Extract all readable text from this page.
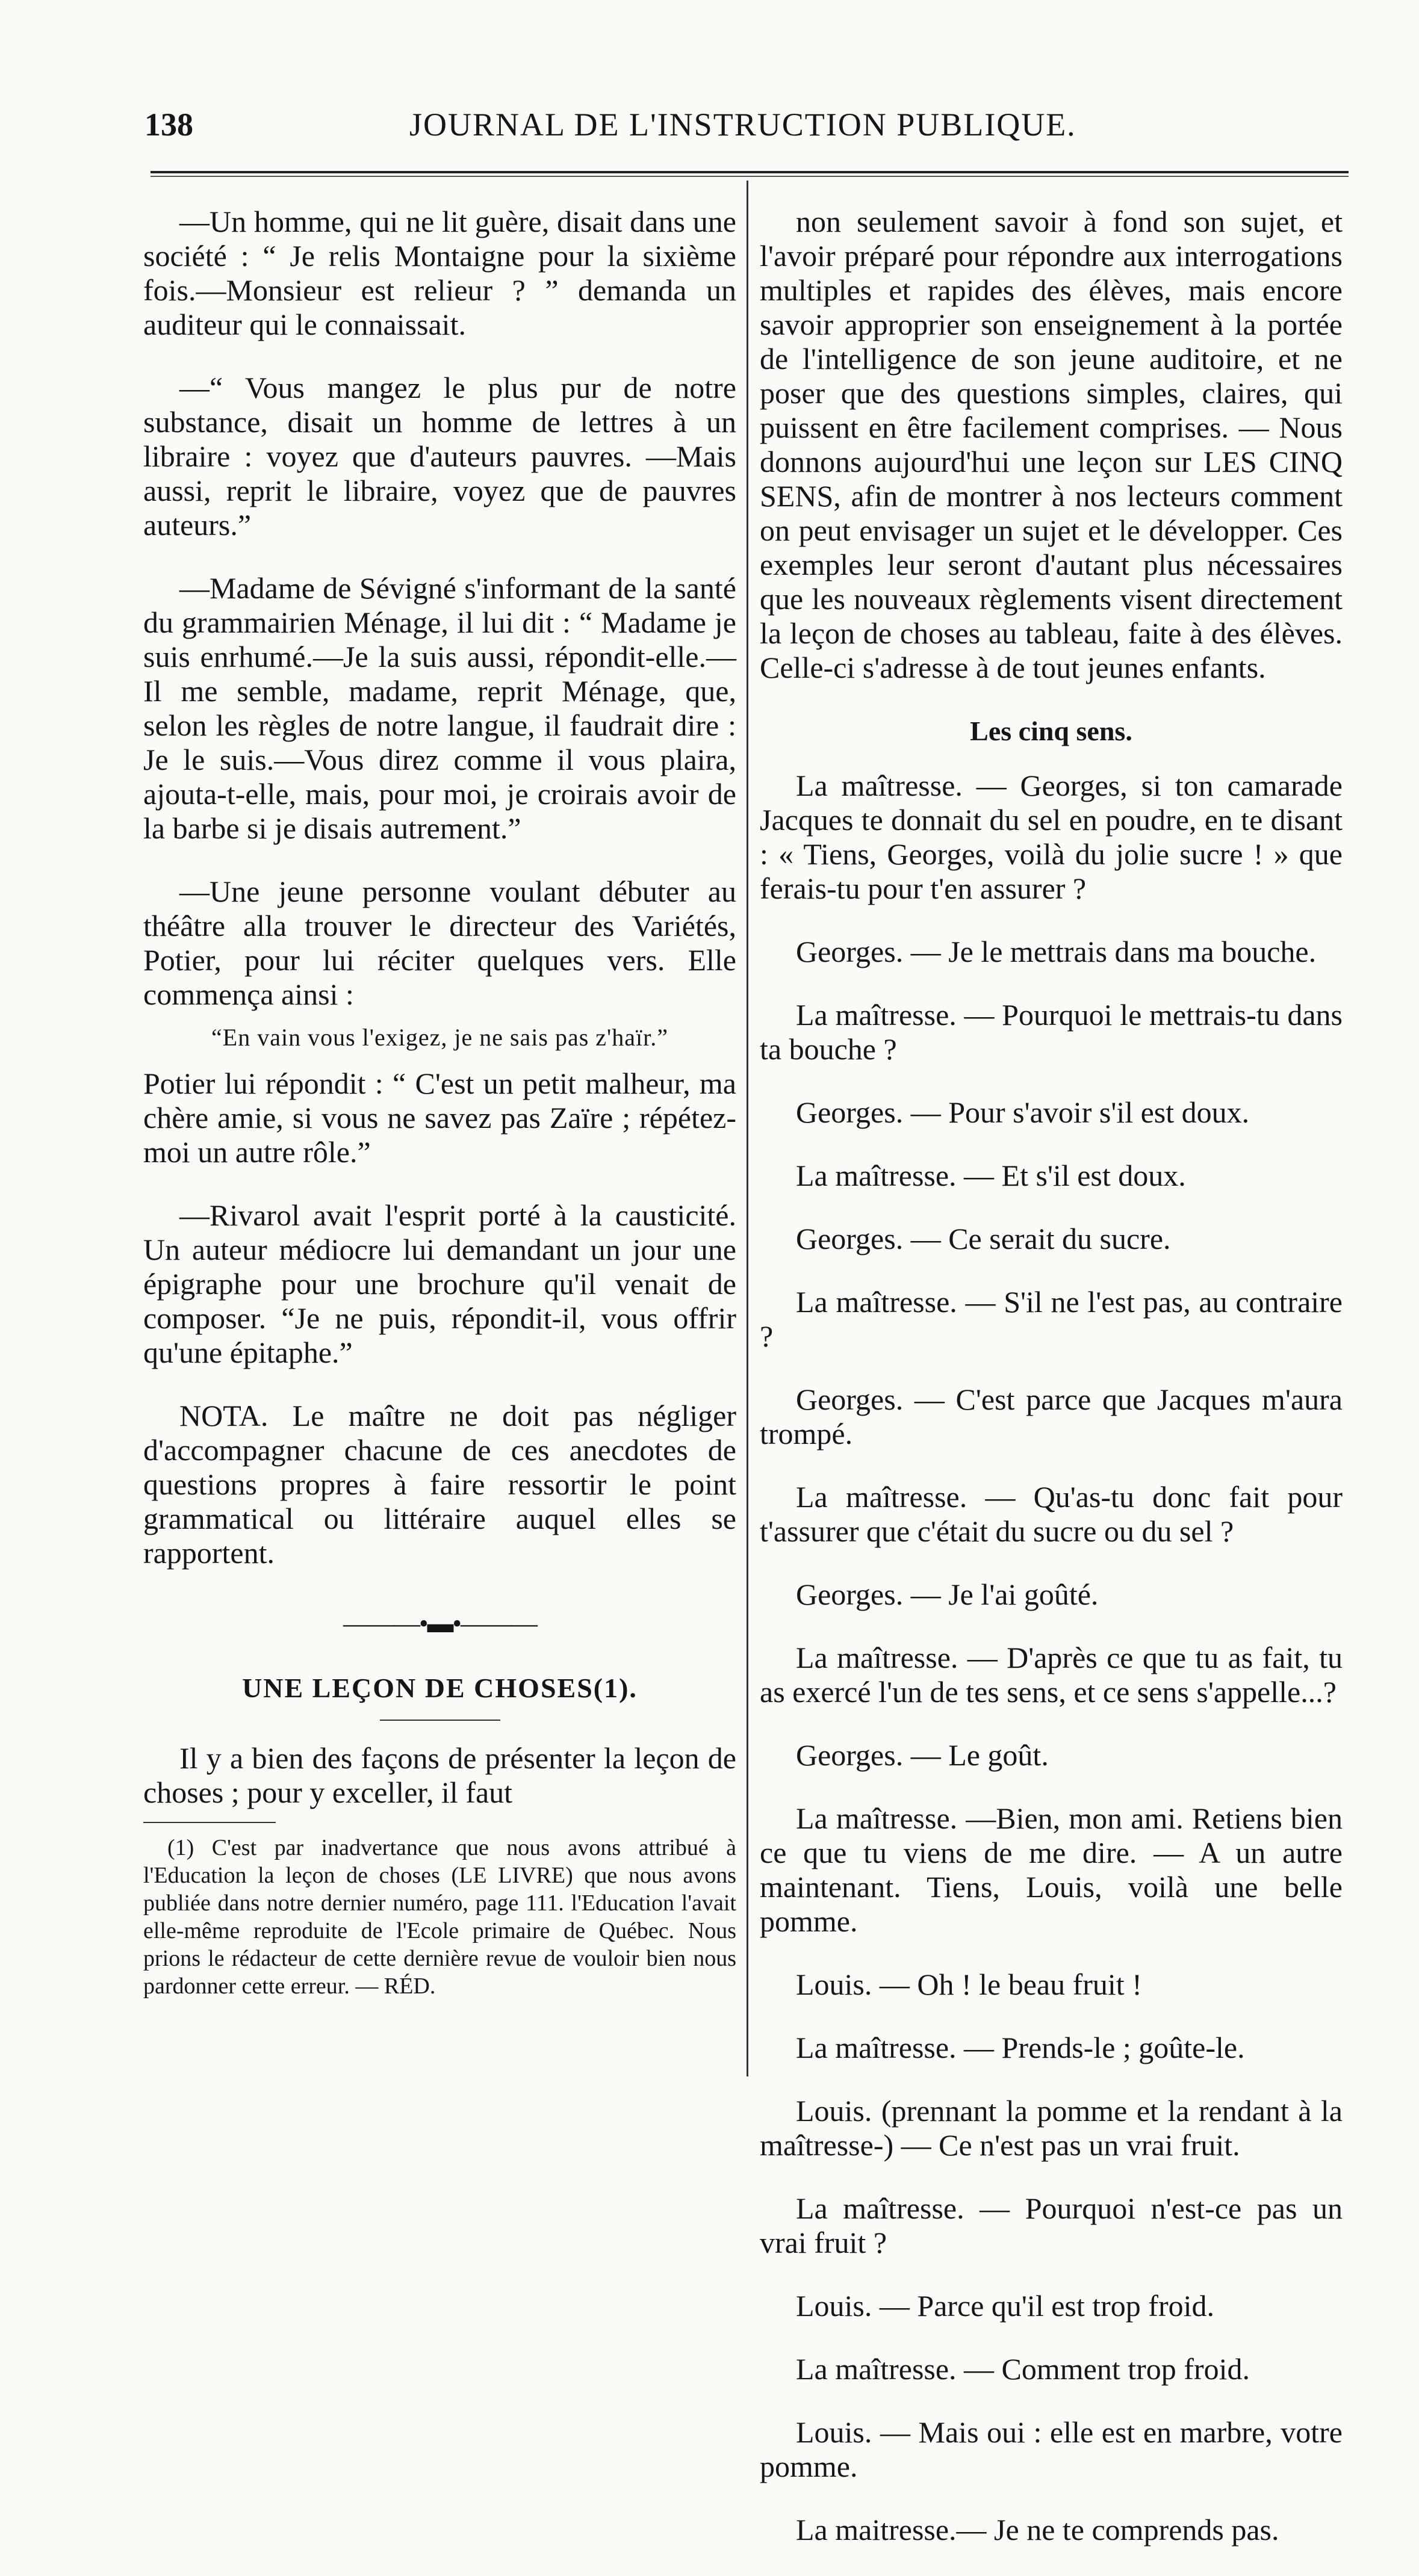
138	JOURNAL DE L'INSTRUCTION PUBLIQUE.

—Un homme, qui ne lit guère, disait dans une société : “ Je relis Montaigne pour la sixième fois.—Monsieur est relieur ? ” demanda un auditeur qui le connaissait.

—“ Vous mangez le plus pur de notre substance, disait un homme de lettres à un libraire : voyez que d'auteurs pauvres. —Mais aussi, reprit le libraire, voyez que de pauvres auteurs.”

—Madame de Sévigné s'informant de la santé du grammairien Ménage, il lui dit : “ Madame je suis enrhumé.—Je la suis aussi, répondit-elle.—Il me semble, madame, reprit Ménage, que, selon les règles de notre langue, il faudrait dire : Je le suis.—Vous direz comme il vous plaira, ajouta-t-elle, mais, pour moi, je croirais avoir de la barbe si je disais autrement.”

—Une jeune personne voulant débuter au théâtre alla trouver le directeur des Variétés, Potier, pour lui réciter quelques vers. Elle commença ainsi :

“En vain vous l'exigez, je ne sais pas z'haïr.”

Potier lui répondit : “ C'est un petit malheur, ma chère amie, si vous ne savez pas Zaïre ; répétez-moi un autre rôle.”

—Rivarol avait l'esprit porté à la causticité. Un auteur médiocre lui demandant un jour une épigraphe pour une brochure qu'il venait de composer. “Je ne puis, répondit-il, vous offrir qu'une épitaphe.”

NOTA. Le maître ne doit pas négliger d'accompagner chacune de ces anecdotes de questions propres à faire ressortir le point grammatical ou littéraire auquel elles se rapportent.

———•▬•———
UNE LEÇON DE CHOSES(1).

Il y a bien des façons de présenter la leçon de choses ; pour y exceller, il faut

(1) C'est par inadvertance que nous avons attribué à l'Education la leçon de choses (LE LIVRE) que nous avons publiée dans notre dernier numéro, page 111. l'Education l'avait elle-même reproduite de l'Ecole primaire de Québec. Nous prions le rédacteur de cette dernière revue de vouloir bien nous pardonner cette erreur. — RÉD.

non seulement savoir à fond son sujet, et l'avoir préparé pour répondre aux interrogations multiples et rapides des élèves, mais encore savoir approprier son enseignement à la portée de l'intelligence de son jeune auditoire, et ne poser que des questions simples, claires, qui puissent en être facilement comprises. — Nous donnons aujourd'hui une leçon sur LES CINQ SENS, afin de montrer à nos lecteurs comment on peut envisager un sujet et le développer. Ces exemples leur seront d'autant plus nécessaires que les nouveaux règlements visent directement la leçon de choses au tableau, faite à des élèves. Celle-ci s'adresse à de tout jeunes enfants.

Les cinq sens.

La maîtresse. — Georges, si ton camarade Jacques te donnait du sel en poudre, en te disant : « Tiens, Georges, voilà du jolie sucre ! » que ferais-tu pour t'en assurer ?

Georges. — Je le mettrais dans ma bouche.

La maîtresse. — Pourquoi le mettrais-tu dans ta bouche ?

Georges. — Pour s'avoir s'il est doux.

La maîtresse. — Et s'il est doux.

Georges. — Ce serait du sucre.

La maîtresse. — S'il ne l'est pas, au contraire ?

Georges. — C'est parce que Jacques m'aura trompé.

La maîtresse. — Qu'as-tu donc fait pour t'assurer que c'était du sucre ou du sel ?

Georges. — Je l'ai goûté.

La maîtresse. — D'après ce que tu as fait, tu as exercé l'un de tes sens, et ce sens s'appelle...?

Georges. — Le goût.

La maîtresse. —Bien, mon ami. Retiens bien ce que tu viens de me dire. — A un autre maintenant. Tiens, Louis, voilà une belle pomme.

Louis. — Oh ! le beau fruit !

La maîtresse. — Prends-le ; goûte-le.

Louis. (prennant la pomme et la rendant à la maîtresse-) — Ce n'est pas un vrai fruit.

La maîtresse. — Pourquoi n'est-ce pas un vrai fruit ?

Louis. — Parce qu'il est trop froid.

La maîtresse. — Comment trop froid.

Louis. — Mais oui : elle est en marbre, votre pomme.

La maitresse.— Je ne te comprends pas.
